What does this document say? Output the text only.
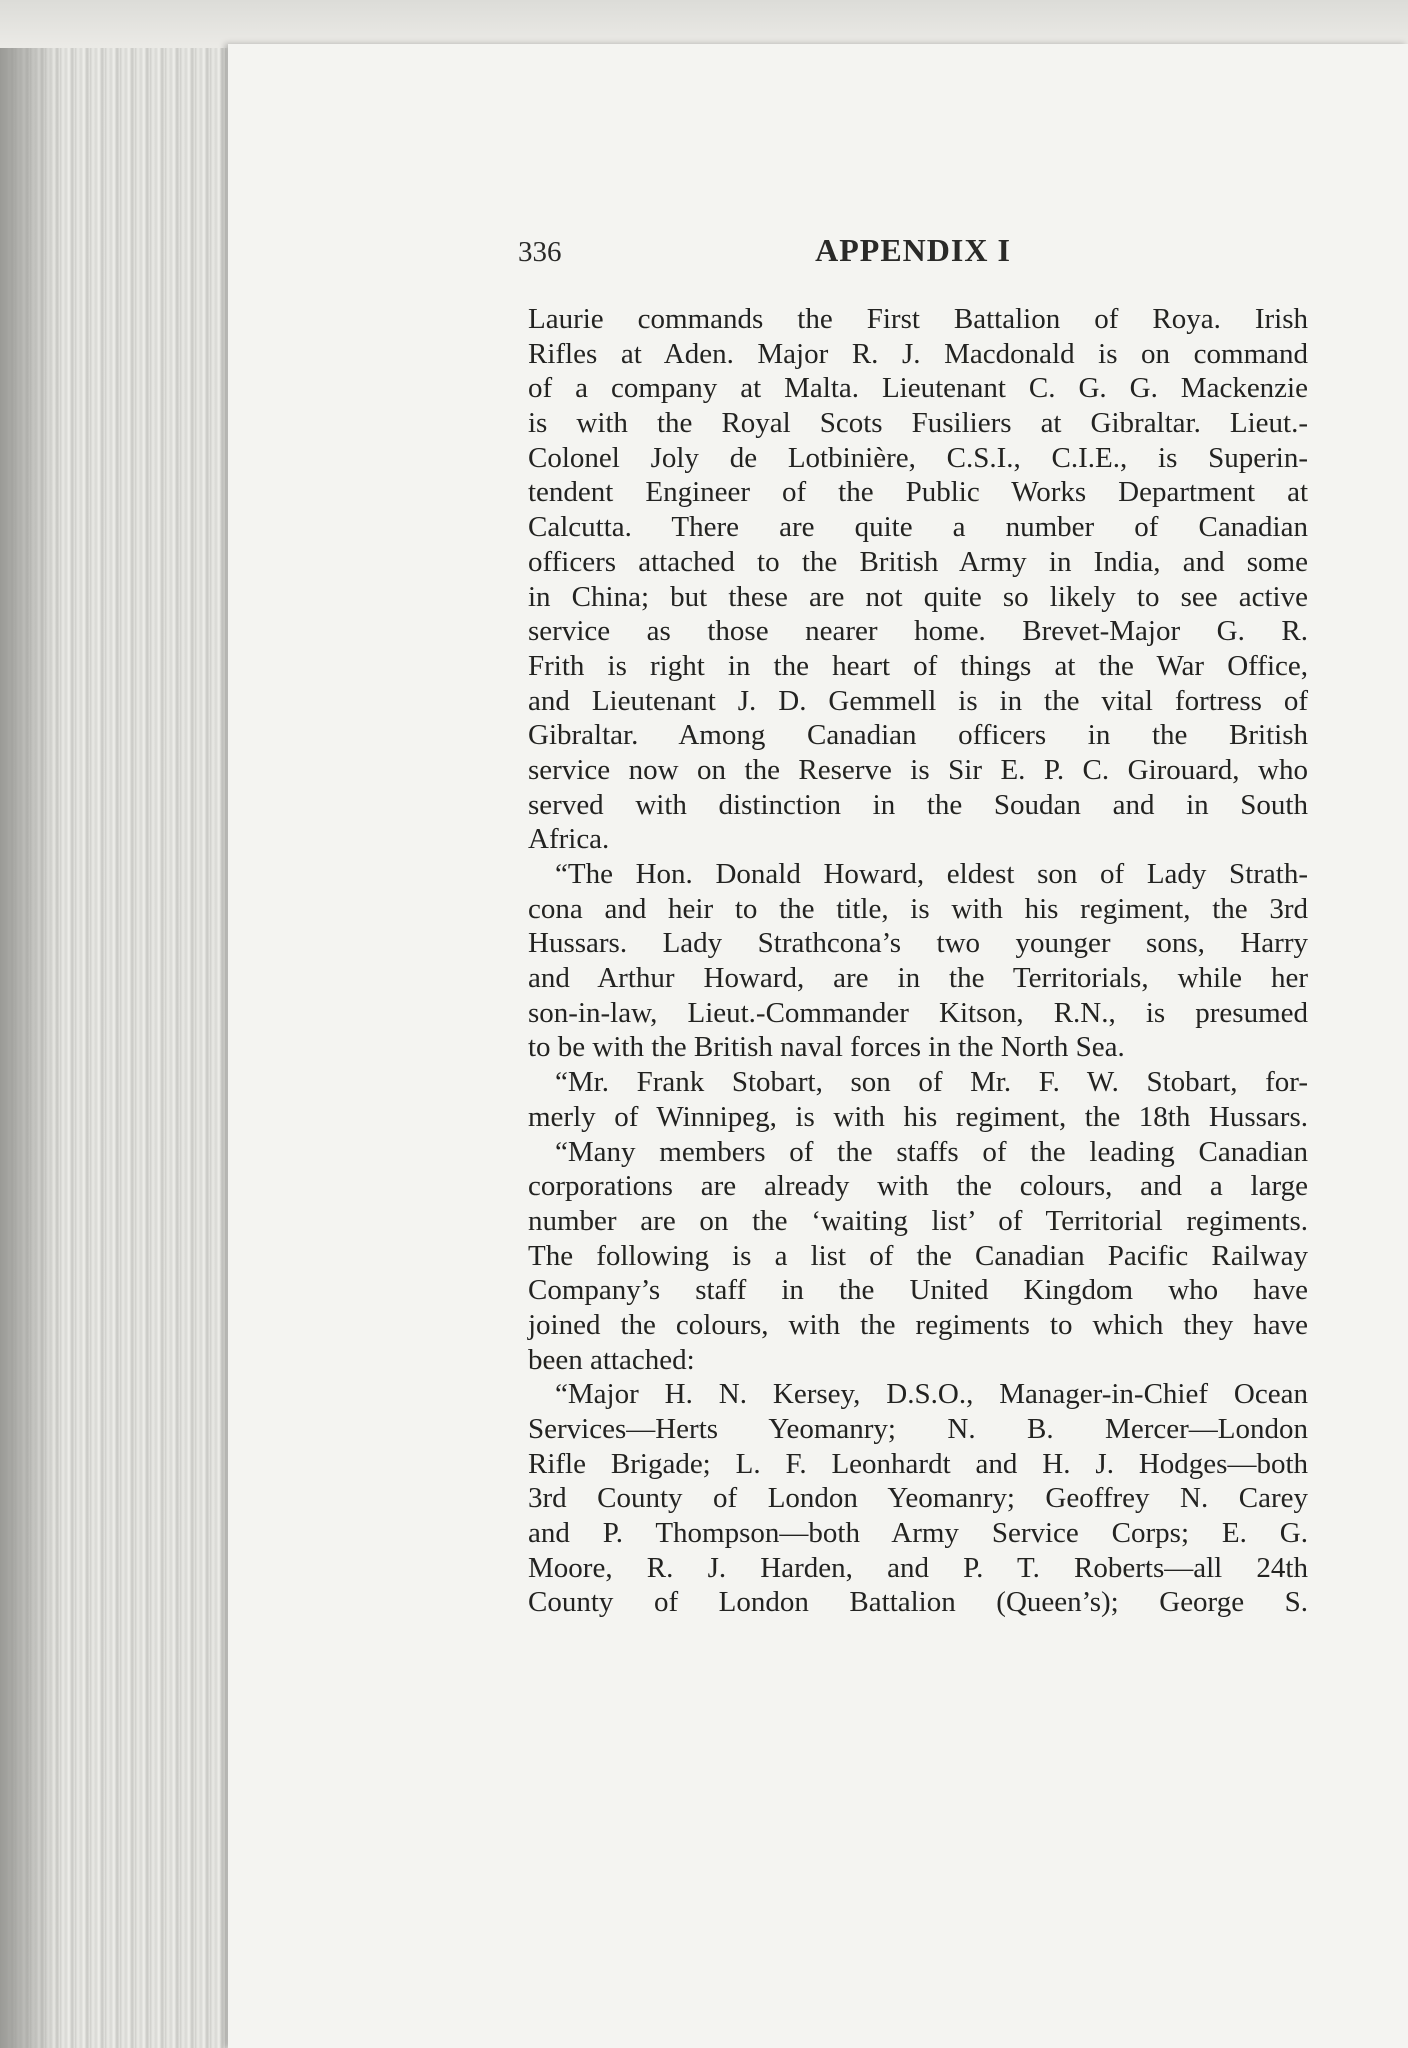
336	APPENDIX I
Laurie commands the First Battalion of Roya. Irish
Rifles at Aden. Major R. J. Macdonald is on command
of a company at Malta. Lieutenant C. G. G. Mackenzie
is with the Royal Scots Fusiliers at Gibraltar. Lieut.-
Colonel Joly de Lotbinière, C.S.I., C.I.E., is Superin-
tendent Engineer of the Public Works Department at
Calcutta. There are quite a number of Canadian
officers attached to the British Army in India, and some
in China; but these are not quite so likely to see active
service as those nearer home. Brevet-Major G. R.
Frith is right in the heart of things at the War Office,
and Lieutenant J. D. Gemmell is in the vital fortress of
Gibraltar. Among Canadian officers in the British
service now on the Reserve is Sir E. P. C. Girouard, who
served with distinction in the Soudan and in South
Africa.
“The Hon. Donald Howard, eldest son of Lady Strath-
cona and heir to the title, is with his regiment, the 3rd
Hussars. Lady Strathcona’s two younger sons, Harry
and Arthur Howard, are in the Territorials, while her
son-in-law, Lieut.-Commander Kitson, R.N., is presumed
to be with the British naval forces in the North Sea.
“Mr. Frank Stobart, son of Mr. F. W. Stobart, for-
merly of Winnipeg, is with his regiment, the 18th Hussars.
“Many members of the staffs of the leading Canadian
corporations are already with the colours, and a large
number are on the ‘waiting list’ of Territorial regiments.
The following is a list of the Canadian Pacific Railway
Company’s staff in the United Kingdom who have
joined the colours, with the regiments to which they have
been attached:
“Major H. N. Kersey, D.S.O., Manager-in-Chief Ocean
Services—Herts Yeomanry; N. B. Mercer—London
Rifle Brigade; L. F. Leonhardt and H. J. Hodges—both
3rd County of London Yeomanry; Geoffrey N. Carey
and P. Thompson—both Army Service Corps; E. G.
Moore, R. J. Harden, and P. T. Roberts—all 24th
County of London Battalion (Queen’s); George S.
